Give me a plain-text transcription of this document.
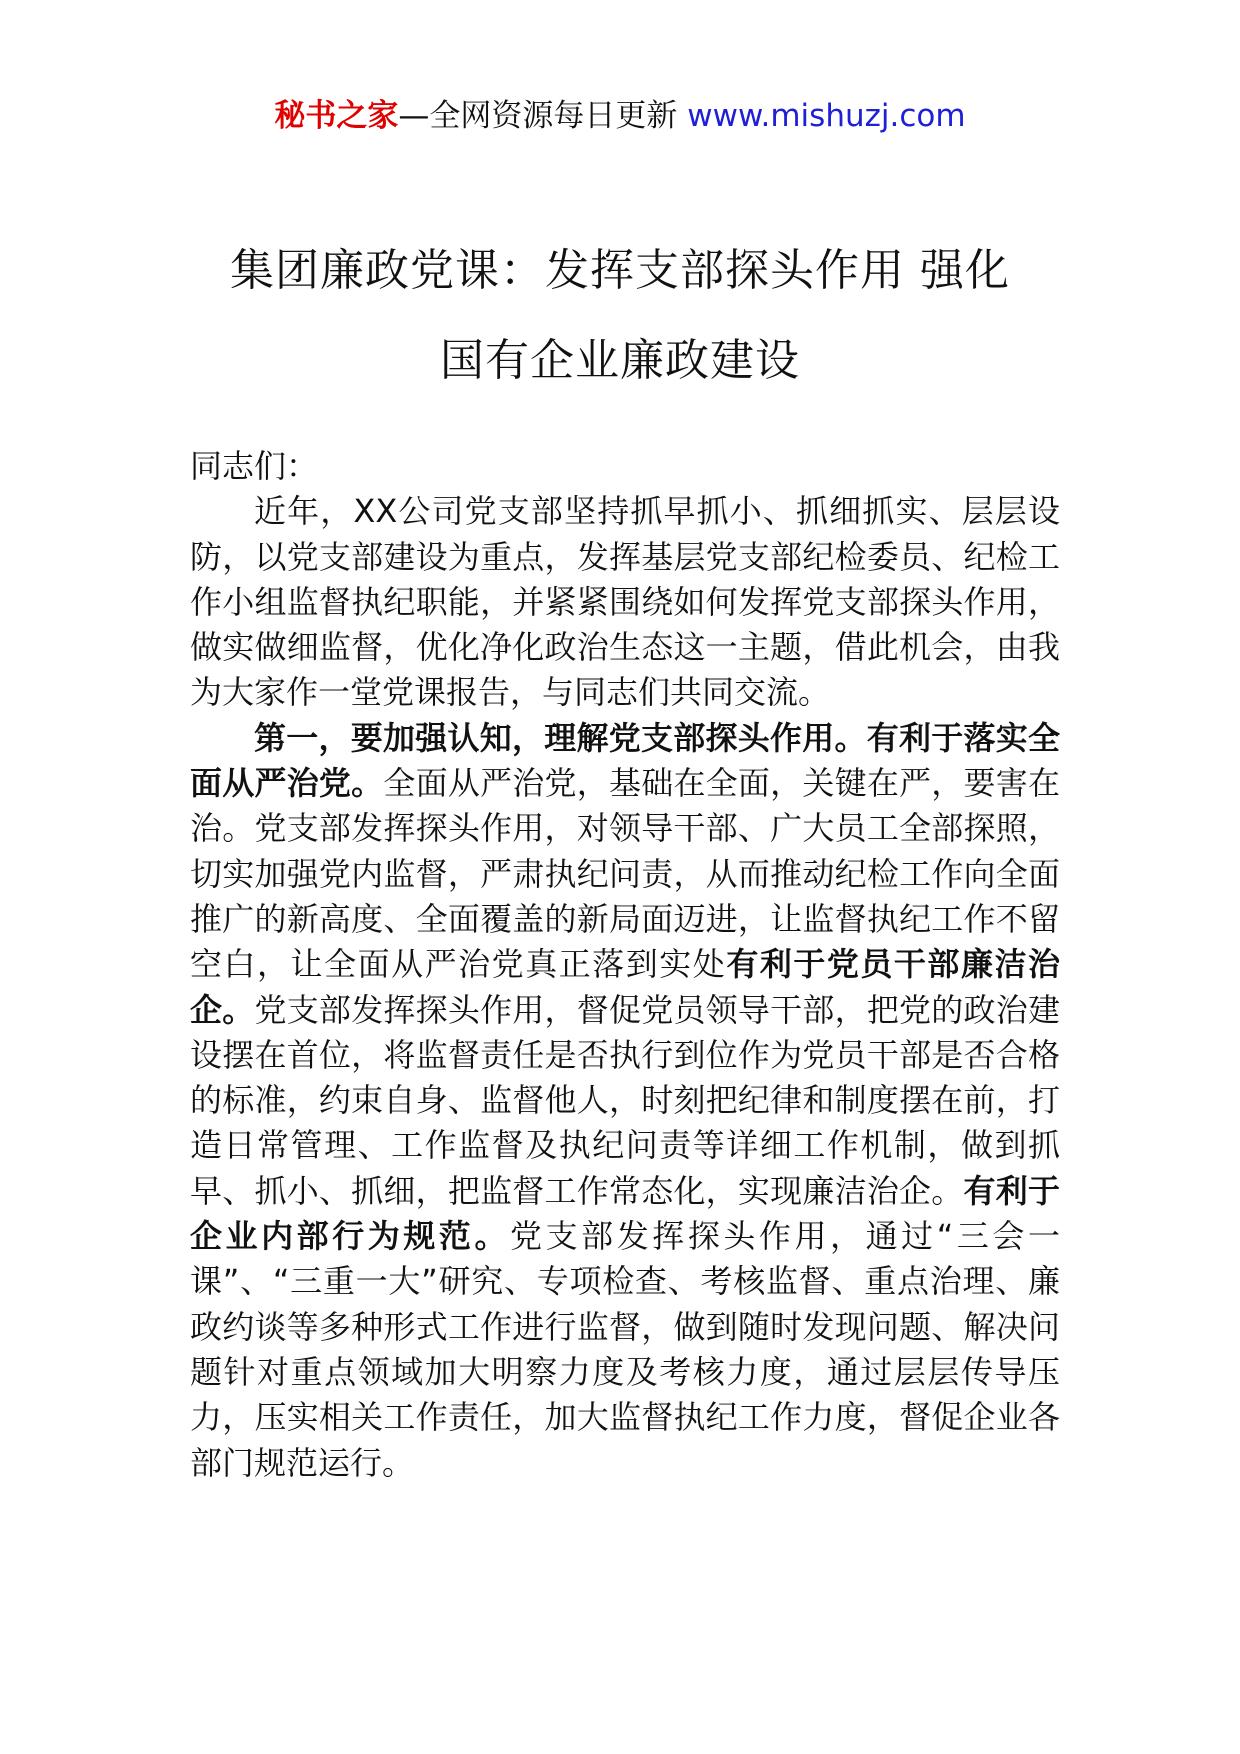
秘书之家—全网资源每日更新 www.mishuzj.com
集团廉政党课：发挥支部探头作用 强化
国有企业廉政建设

同志们：

近年，XX公司党支部坚持抓早抓小、抓细抓实、层层设防，以党支部建设为重点，发挥基层党支部纪检委员、纪检工作小组监督执纪职能，并紧紧围绕如何发挥党支部探头作用，做实做细监督，优化净化政治生态这一主题，借此机会，由我为大家作一堂党课报告，与同志们共同交流。

第一，要加强认知，理解党支部探头作用。有利于落实全面从严治党。全面从严治党，基础在全面，关键在严，要害在治。党支部发挥探头作用，对领导干部、广大员工全部探照，切实加强党内监督，严肃执纪问责，从而推动纪检工作向全面推广的新高度、全面覆盖的新局面迈进，让监督执纪工作不留空白，让全面从严治党真正落到实处有利于党员干部廉洁治企。党支部发挥探头作用，督促党员领导干部，把党的政治建设摆在首位，将监督责任是否执行到位作为党员干部是否合格的标准，约束自身、监督他人，时刻把纪律和制度摆在前，打造日常管理、工作监督及执纪问责等详细工作机制，做到抓早、抓小、抓细，把监督工作常态化，实现廉洁治企。有利于企业内部行为规范。党支部发挥探头作用，通过“三会一课”、“三重一大”研究、专项检查、考核监督、重点治理、廉政约谈等多种形式工作进行监督，做到随时发现问题、解决问题针对重点领域加大明察力度及考核力度，通过层层传导压力，压实相关工作责任，加大监督执纪工作力度，督促企业各部门规范运行。
